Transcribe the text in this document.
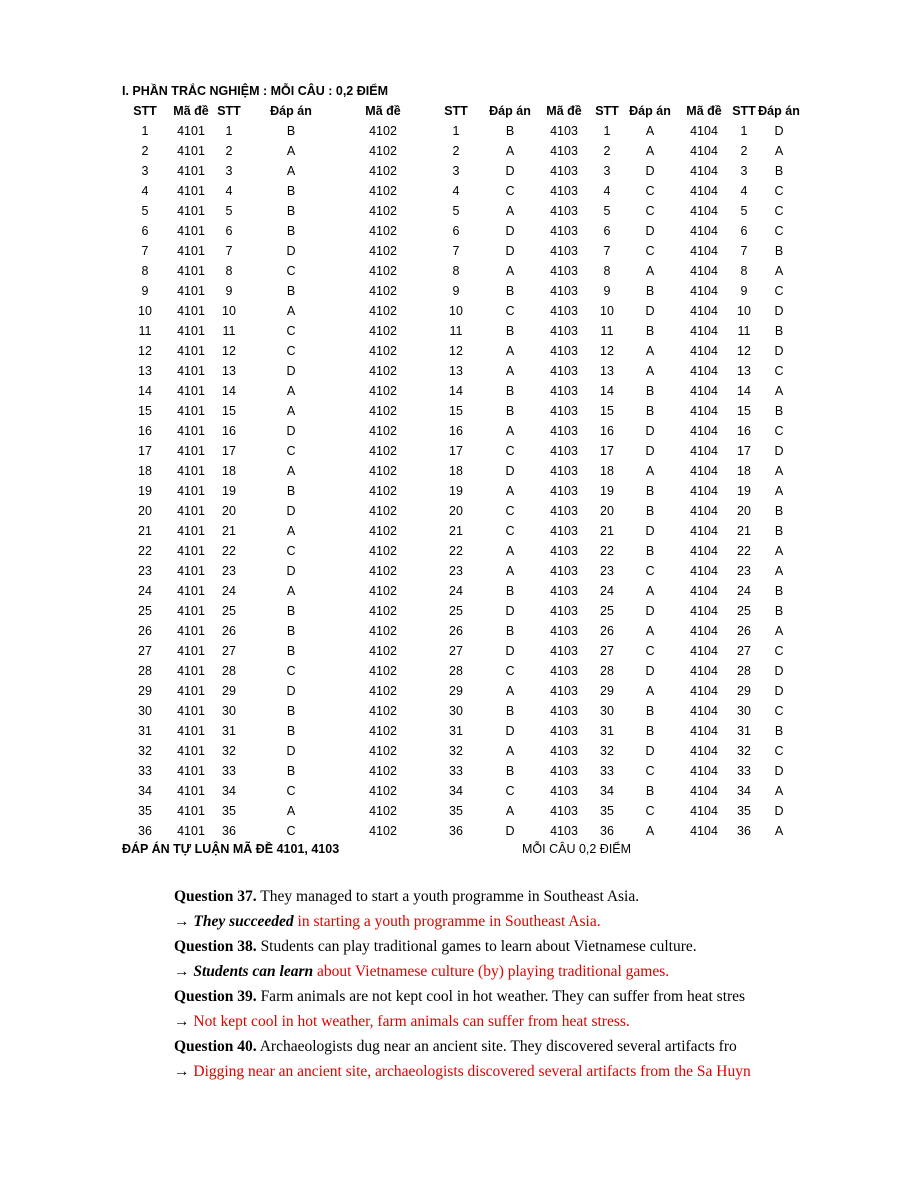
I. PHẦN TRẮC NGHIỆM : MỖI CÂU : 0,2 ĐIỂM
STT	Mã đề	STT	Đáp án	Mã đề	STT	Đáp án	Mã đề	STT	Đáp án	Mã đề	STT	Đáp án
1	4101	1	B	4102	1	B	4103	1	A	4104	1	D
2	4101	2	A	4102	2	A	4103	2	A	4104	2	A
3	4101	3	A	4102	3	D	4103	3	D	4104	3	B
4	4101	4	B	4102	4	C	4103	4	C	4104	4	C
5	4101	5	B	4102	5	A	4103	5	C	4104	5	C
6	4101	6	B	4102	6	D	4103	6	D	4104	6	C
7	4101	7	D	4102	7	D	4103	7	C	4104	7	B
8	4101	8	C	4102	8	A	4103	8	A	4104	8	A
9	4101	9	B	4102	9	B	4103	9	B	4104	9	C
10	4101	10	A	4102	10	C	4103	10	D	4104	10	D
11	4101	11	C	4102	11	B	4103	11	B	4104	11	B
12	4101	12	C	4102	12	A	4103	12	A	4104	12	D
13	4101	13	D	4102	13	A	4103	13	A	4104	13	C
14	4101	14	A	4102	14	B	4103	14	B	4104	14	A
15	4101	15	A	4102	15	B	4103	15	B	4104	15	B
16	4101	16	D	4102	16	A	4103	16	D	4104	16	C
17	4101	17	C	4102	17	C	4103	17	D	4104	17	D
18	4101	18	A	4102	18	D	4103	18	A	4104	18	A
19	4101	19	B	4102	19	A	4103	19	B	4104	19	A
20	4101	20	D	4102	20	C	4103	20	B	4104	20	B
21	4101	21	A	4102	21	C	4103	21	D	4104	21	B
22	4101	22	C	4102	22	A	4103	22	B	4104	22	A
23	4101	23	D	4102	23	A	4103	23	C	4104	23	A
24	4101	24	A	4102	24	B	4103	24	A	4104	24	B
25	4101	25	B	4102	25	D	4103	25	D	4104	25	B
26	4101	26	B	4102	26	B	4103	26	A	4104	26	A
27	4101	27	B	4102	27	D	4103	27	C	4104	27	C
28	4101	28	C	4102	28	C	4103	28	D	4104	28	D
29	4101	29	D	4102	29	A	4103	29	A	4104	29	D
30	4101	30	B	4102	30	B	4103	30	B	4104	30	C
31	4101	31	B	4102	31	D	4103	31	B	4104	31	B
32	4101	32	D	4102	32	A	4103	32	D	4104	32	C
33	4101	33	B	4102	33	B	4103	33	C	4104	33	D
34	4101	34	C	4102	34	C	4103	34	B	4104	34	A
35	4101	35	A	4102	35	A	4103	35	C	4104	35	D
36	4101	36	C	4102	36	D	4103	36	A	4104	36	A
ĐÁP ÁN TỰ LUẬN MÃ ĐỀ 4101, 4103	MỖI CÂU 0,2 ĐIỂM
Question 37. They managed to start a youth programme in Southeast Asia.
→ They succeeded in starting a youth programme in Southeast Asia.
Question 38. Students can play traditional games to learn about Vietnamese culture.
→ Students can learn about Vietnamese culture (by) playing traditional games.
Question 39. Farm animals are not kept cool in hot weather. They can suffer from heat stres
→ Not kept cool in hot weather, farm animals can suffer from heat stress.
Question 40. Archaeologists dug near an ancient site. They discovered several artifacts fro
→ Digging near an ancient site, archaeologists discovered several artifacts from the Sa Huyn
